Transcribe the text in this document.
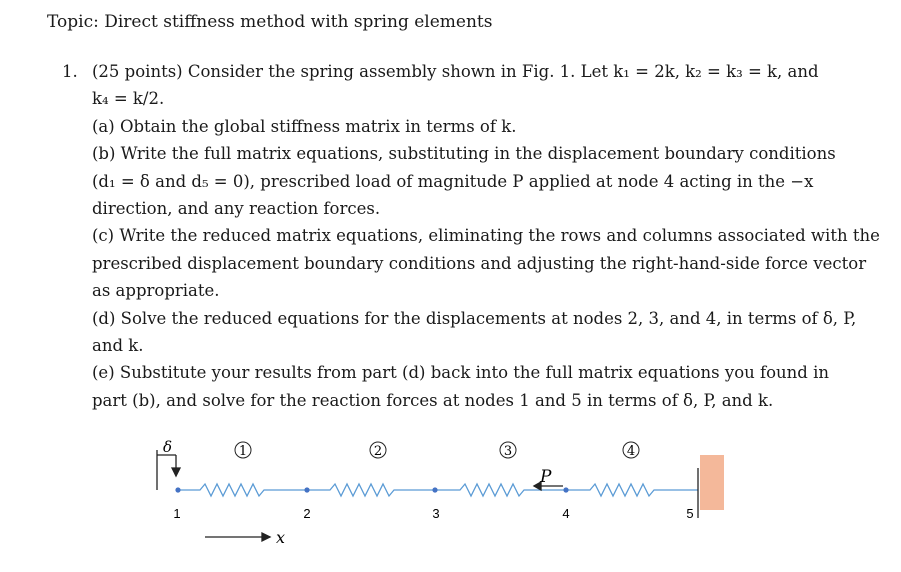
Topic: Direct stiffness method with spring elements
1. (25 points) Consider the spring assembly shown in Fig. 1. Let k₁ = 2k, k₂ = k₃ = k, and
k₄ = k/2.
(a) Obtain the global stiffness matrix in terms of k.
(b) Write the full matrix equations, substituting in the displacement boundary conditions
(d₁ = δ and d₅ = 0), prescribed load of magnitude P applied at node 4 acting in the −x
direction, and any reaction forces.
(c) Write the reduced matrix equations, eliminating the rows and columns associated with the
prescribed displacement boundary conditions and adjusting the right-hand-side force vector
as appropriate.
(d) Solve the reduced equations for the displacements at nodes 2, 3, and 4, in terms of δ, P,
and k.
(e) Substitute your results from part (d) back into the full matrix equations you found in
part (b), and solve for the reaction forces at nodes 1 and 5 in terms of δ, P, and k.
δ	1	2	3	4
1	2	3	4	5
P
x
